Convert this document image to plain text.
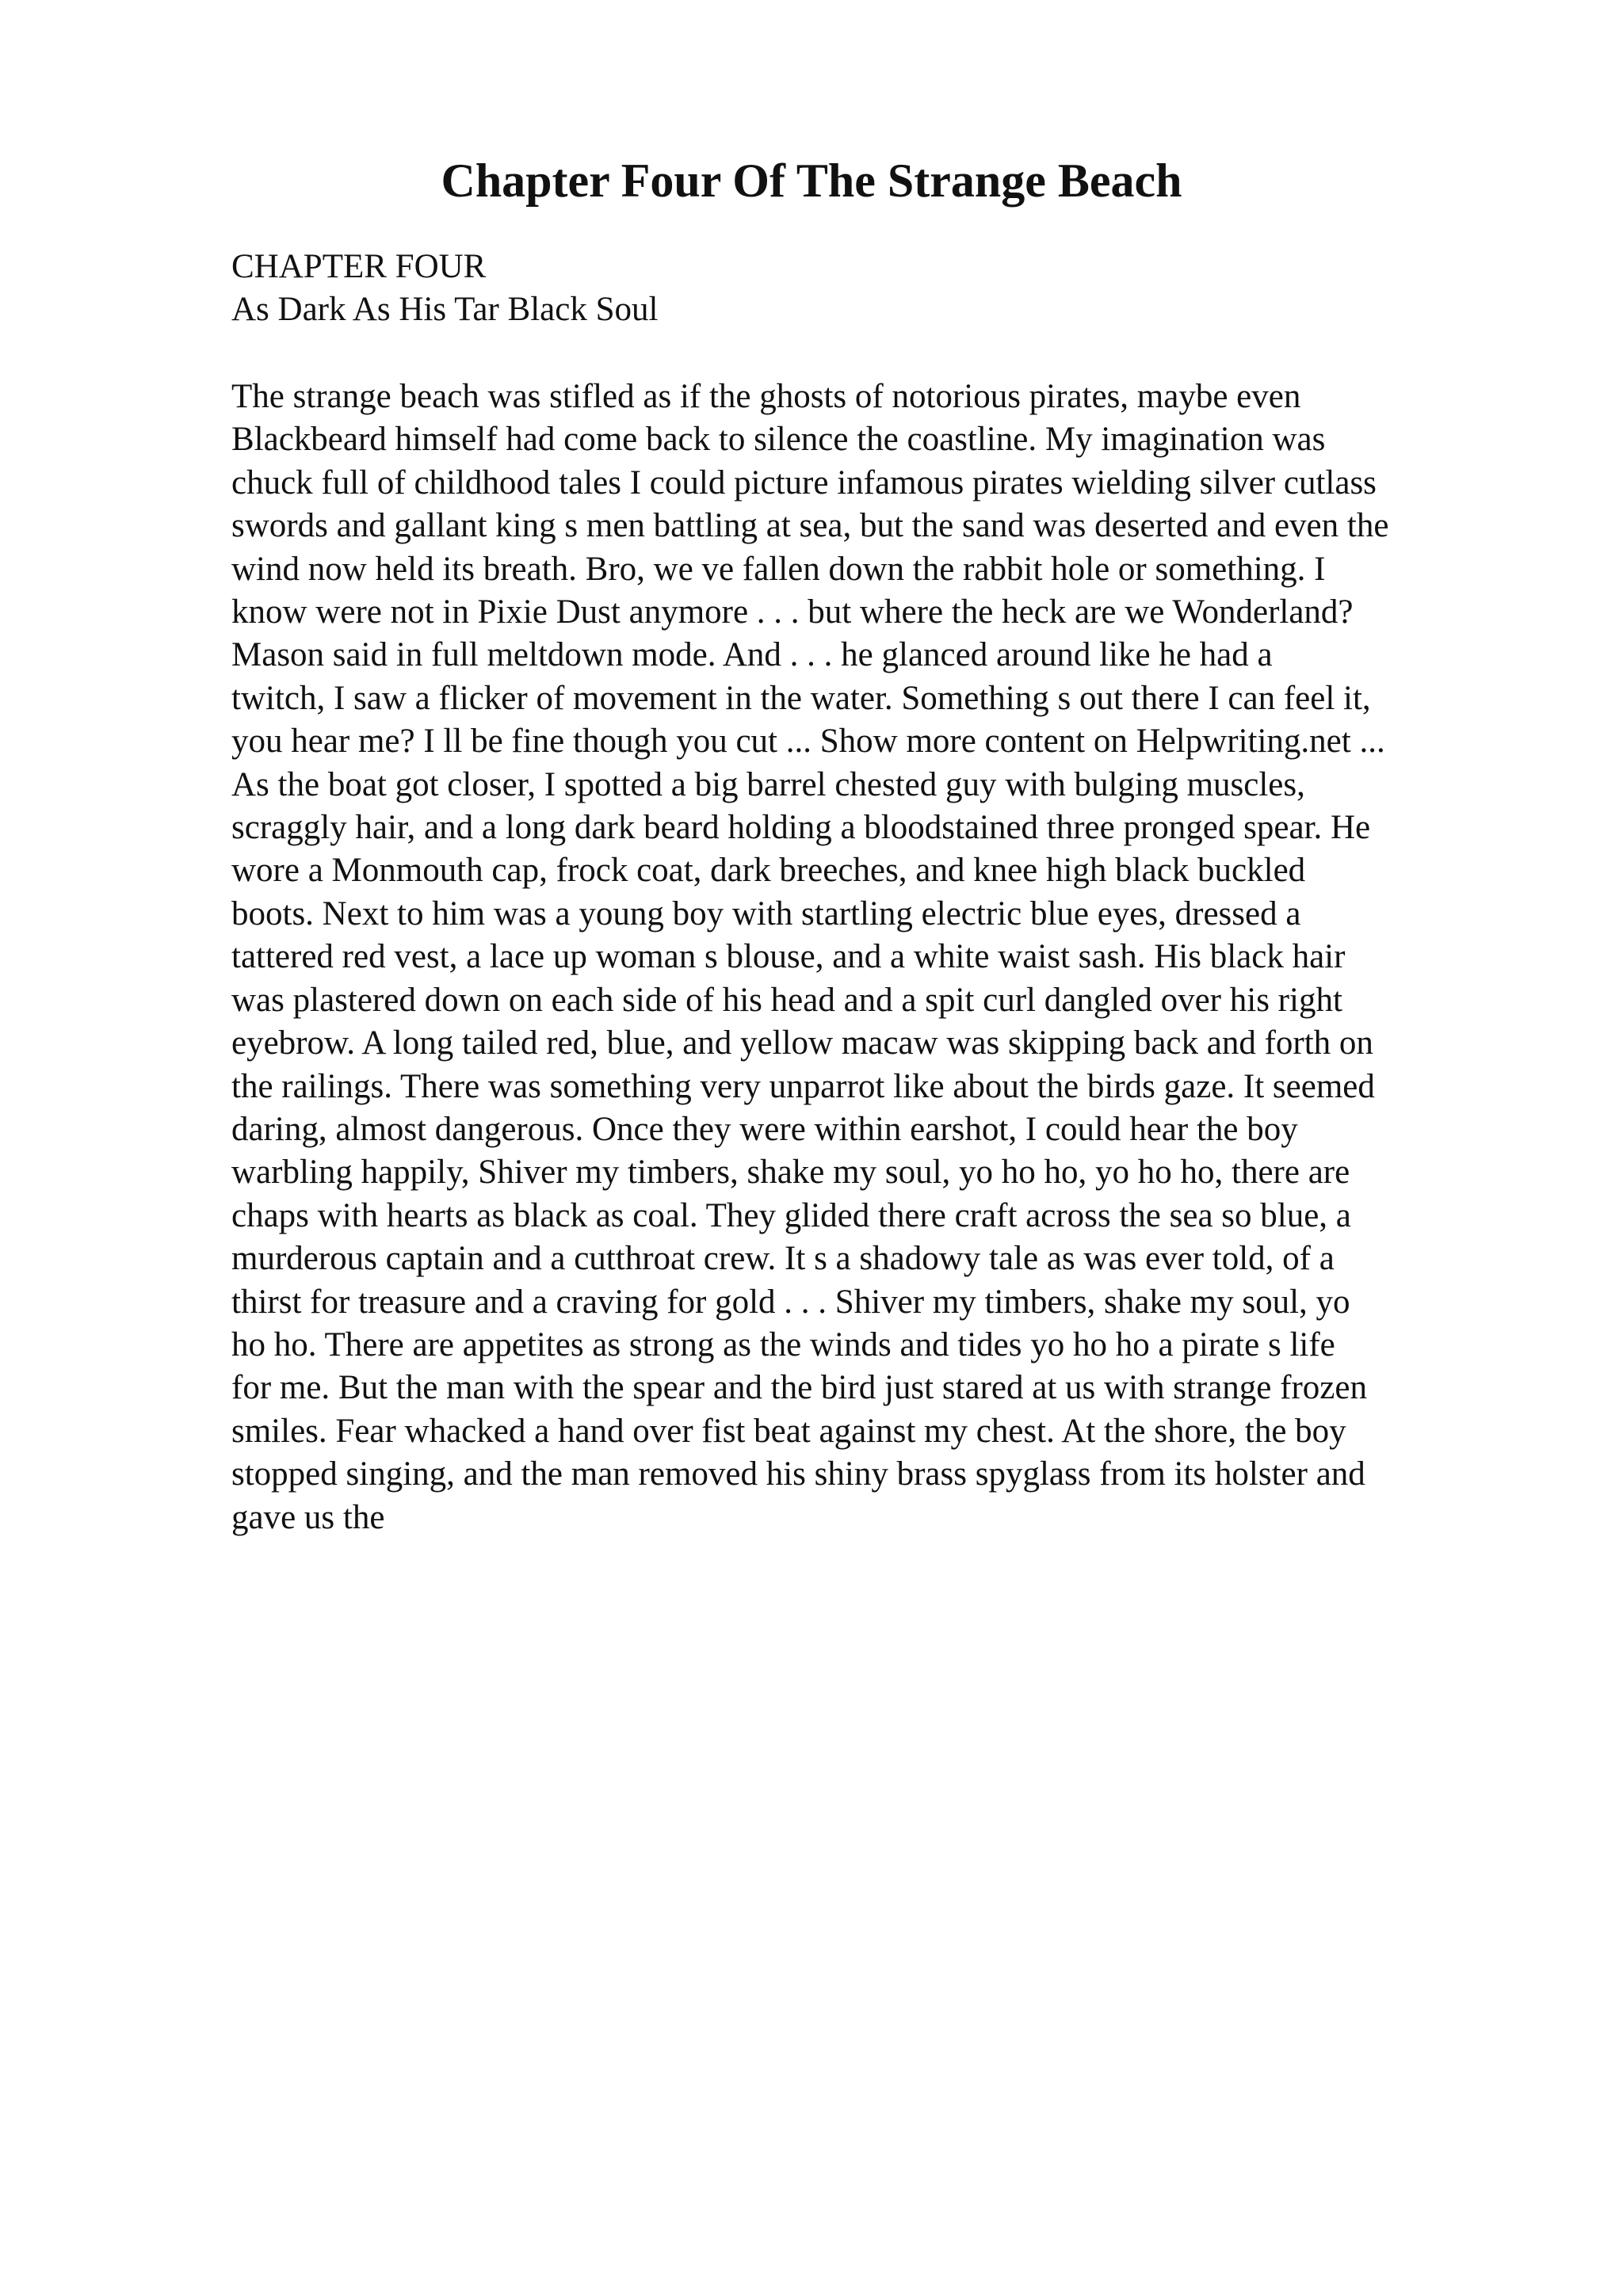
Chapter Four Of The Strange Beach
CHAPTER FOUR
As Dark As His Tar Black Soul
The strange beach was stifled as if the ghosts of notorious pirates, maybe even
Blackbeard himself had come back to silence the coastline. My imagination was
chuck full of childhood tales I could picture infamous pirates wielding silver cutlass
swords and gallant king s men battling at sea, but the sand was deserted and even the
wind now held its breath. Bro, we ve fallen down the rabbit hole or something. I
know were not in Pixie Dust anymore . . . but where the heck are we Wonderland?
Mason said in full meltdown mode. And . . . he glanced around like he had a
twitch, I saw a flicker of movement in the water. Something s out there I can feel it,
you hear me? I ll be fine though you cut ... Show more content on Helpwriting.net ...
As the boat got closer, I spotted a big barrel chested guy with bulging muscles,
scraggly hair, and a long dark beard holding a bloodstained three pronged spear. He
wore a Monmouth cap, frock coat, dark breeches, and knee high black buckled
boots. Next to him was a young boy with startling electric blue eyes, dressed a
tattered red vest, a lace up woman s blouse, and a white waist sash. His black hair
was plastered down on each side of his head and a spit curl dangled over his right
eyebrow. A long tailed red, blue, and yellow macaw was skipping back and forth on
the railings. There was something very unparrot like about the birds gaze. It seemed
daring, almost dangerous. Once they were within earshot, I could hear the boy
warbling happily, Shiver my timbers, shake my soul, yo ho ho, yo ho ho, there are
chaps with hearts as black as coal. They glided there craft across the sea so blue, a
murderous captain and a cutthroat crew. It s a shadowy tale as was ever told, of a
thirst for treasure and a craving for gold . . . Shiver my timbers, shake my soul, yo
ho ho. There are appetites as strong as the winds and tides yo ho ho a pirate s life
for me. But the man with the spear and the bird just stared at us with strange frozen
smiles. Fear whacked a hand over fist beat against my chest. At the shore, the boy
stopped singing, and the man removed his shiny brass spyglass from its holster and
gave us the
